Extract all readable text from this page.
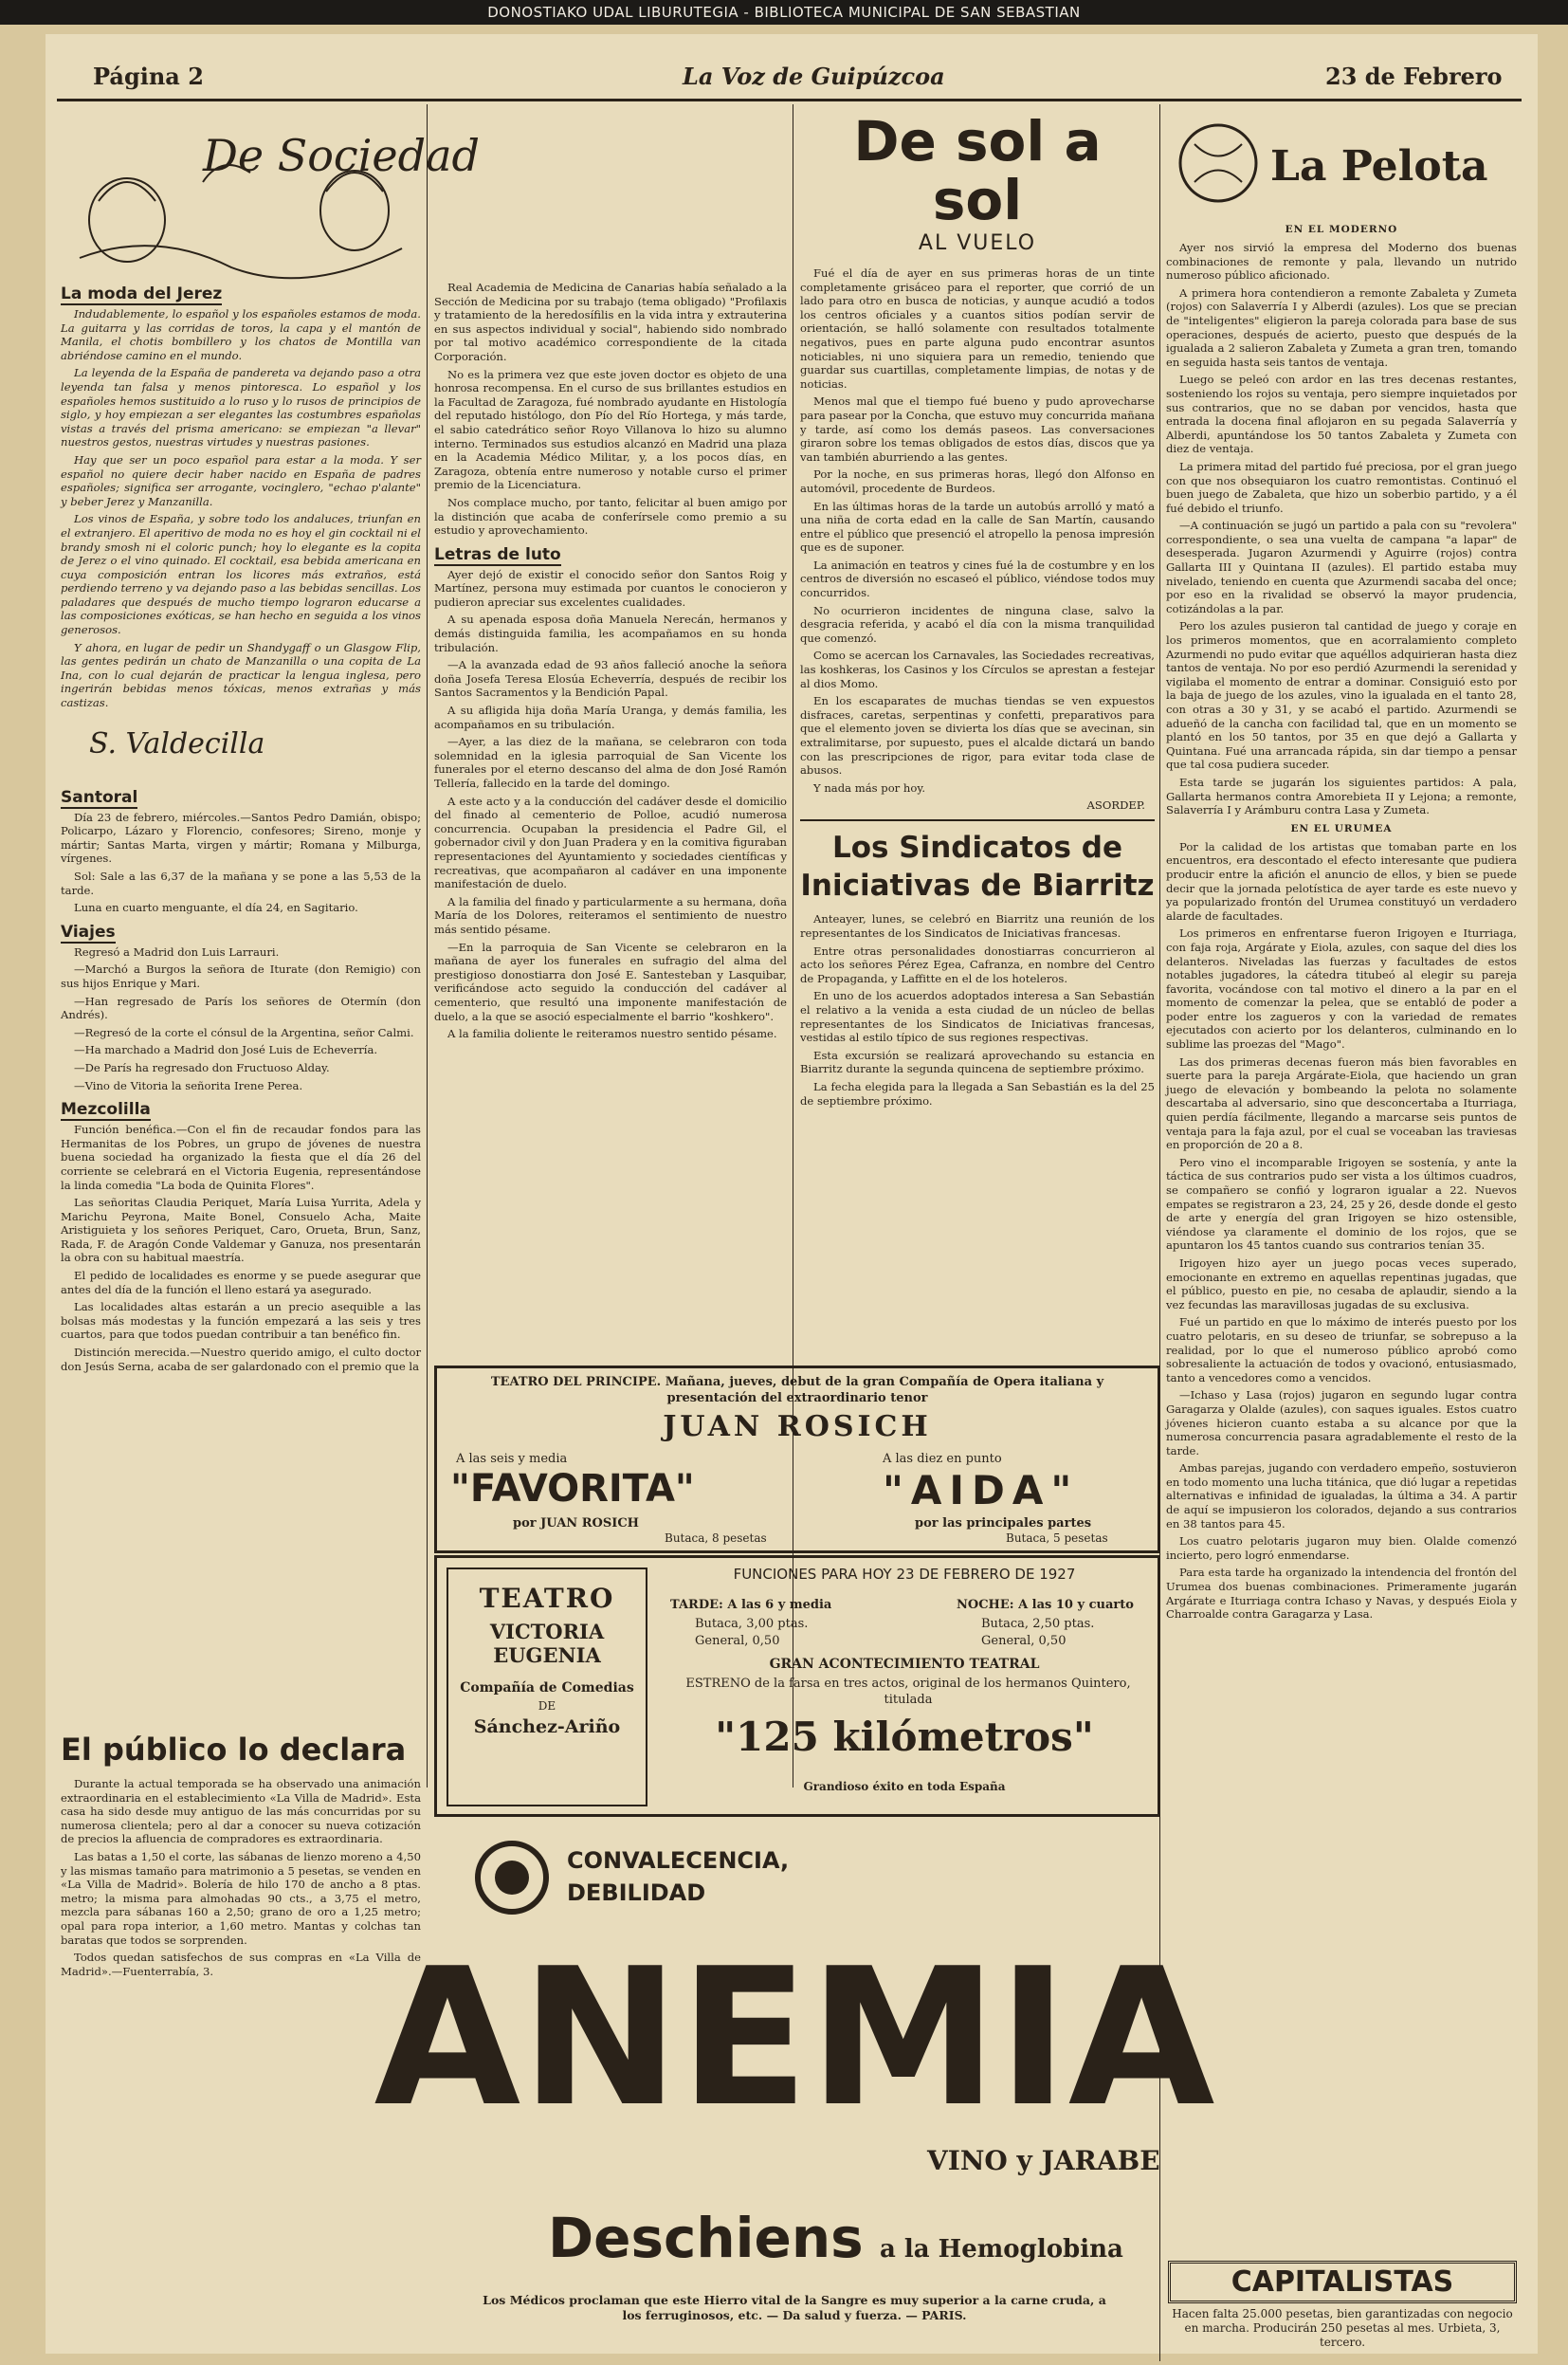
DONOSTIAKO UDAL LIBURUTEGIA - BIBLIOTECA MUNICIPAL DE SAN SEBASTIAN
Página 2	La Voz de Guipúzcoa	23 de Febrero
De Sociedad
La moda del Jerez

Indudablemente, lo español y los españoles estamos de moda. La guitarra y las corridas de toros, la capa y el mantón de Manila, el chotis bombillero y los chatos de Montilla van abriéndose camino en el mundo.

La leyenda de la España de pandereta va dejando paso a otra leyenda tan falsa y menos pintoresca. Lo español y los españoles hemos sustituido a lo ruso y lo rusos de principios de siglo, y hoy empiezan a ser elegantes las costumbres españolas vistas a través del prisma americano: se empiezan "a llevar" nuestros gestos, nuestras virtudes y nuestras pasiones.

Hay que ser un poco español para estar a la moda. Y ser español no quiere decir haber nacido en España de padres españoles; significa ser arrogante, vocinglero, "echao p'alante" y beber Jerez y Manzanilla.

Los vinos de España, y sobre todo los andaluces, triunfan en el extranjero. El aperitivo de moda no es hoy el gin cocktail ni el brandy smosh ni el coloric punch; hoy lo elegante es la copita de Jerez o el vino quinado. El cocktail, esa bebida americana en cuya composición entran los licores más extraños, está perdiendo terreno y va dejando paso a las bebidas sencillas. Los paladares que después de mucho tiempo lograron educarse a las composiciones exóticas, se han hecho en seguida a los vinos generosos.

Y ahora, en lugar de pedir un Shandygaff o un Glasgow Flip, las gentes pedirán un chato de Manzanilla o una copita de La Ina, con lo cual dejarán de practicar la lengua inglesa, pero ingerirán bebidas menos tóxicas, menos extrañas y más castizas.

S. Valdecilla
Santoral

Día 23 de febrero, miércoles.—Santos Pedro Damián, obispo; Policarpo, Lázaro y Florencio, confesores; Sireno, monje y mártir; Santas Marta, virgen y mártir; Romana y Milburga, vírgenes.

Sol: Sale a las 6,37 de la mañana y se pone a las 5,53 de la tarde.

Luna en cuarto menguante, el día 24, en Sagitario.

Viajes

Regresó a Madrid don Luis Larrauri.

—Marchó a Burgos la señora de Iturate (don Remigio) con sus hijos Enrique y Mari.

—Han regresado de París los señores de Otermín (don Andrés).

—Regresó de la corte el cónsul de la Argentina, señor Calmi.

—Ha marchado a Madrid don José Luis de Echeverría.

—De París ha regresado don Fructuoso Alday.

—Vino de Vitoria la señorita Irene Perea.

Mezcolilla

Función benéfica.—Con el fin de recaudar fondos para las Hermanitas de los Pobres, un grupo de jóvenes de nuestra buena sociedad ha organizado la fiesta que el día 26 del corriente se celebrará en el Victoria Eugenia, representándose la linda comedia "La boda de Quinita Flores".

Las señoritas Claudia Periquet, María Luisa Yurrita, Adela y Marichu Peyrona, Maite Bonel, Consuelo Acha, Maite Aristiguieta y los señores Periquet, Caro, Orueta, Brun, Sanz, Rada, F. de Aragón Conde Valdemar y Ganuza, nos presentarán la obra con su habitual maestría.

El pedido de localidades es enorme y se puede asegurar que antes del día de la función el lleno estará ya asegurado.

Las localidades altas estarán a un precio asequible a las bolsas más modestas y la función empezará a las seis y tres cuartos, para que todos puedan contribuir a tan benéfico fin.

Distinción merecida.—Nuestro querido amigo, el culto doctor don Jesús Serna, acaba de ser galardonado con el premio que la

El público lo declara

Durante la actual temporada se ha observado una animación extraordinaria en el establecimiento «La Villa de Madrid». Esta casa ha sido desde muy antiguo de las más concurridas por su numerosa clientela; pero al dar a conocer su nueva cotización de precios la afluencia de compradores es extraordinaria.

Las batas a 1,50 el corte, las sábanas de lienzo moreno a 4,50 y las mismas tamaño para matrimonio a 5 pesetas, se venden en «La Villa de Madrid». Bolería de hilo 170 de ancho a 8 ptas. metro; la misma para almohadas 90 cts., a 3,75 el metro, mezcla para sábanas 160 a 2,50; grano de oro a 1,25 metro; opal para ropa interior, a 1,60 metro. Mantas y colchas tan baratas que todos se sorprenden.

Todos quedan satisfechos de sus compras en «La Villa de Madrid».—Fuenterrabía, 3.

Real Academia de Medicina de Canarias había señalado a la Sección de Medicina por su trabajo (tema obligado) "Profilaxis y tratamiento de la heredosífilis en la vida intra y extrauterina en sus aspectos individual y social", habiendo sido nombrado por tal motivo académico correspondiente de la citada Corporación.

No es la primera vez que este joven doctor es objeto de una honrosa recompensa. En el curso de sus brillantes estudios en la Facultad de Zaragoza, fué nombrado ayudante en Histología del reputado histólogo, don Pío del Río Hortega, y más tarde, el sabio catedrático señor Royo Villanova lo hizo su alumno interno. Terminados sus estudios alcanzó en Madrid una plaza en la Academia Médico Militar, y, a los pocos días, en Zaragoza, obtenía entre numeroso y notable curso el primer premio de la Licenciatura.

Nos complace mucho, por tanto, felicitar al buen amigo por la distinción que acaba de conferírsele como premio a su estudio y aprovechamiento.

Letras de luto

Ayer dejó de existir el conocido señor don Santos Roig y Martínez, persona muy estimada por cuantos le conocieron y pudieron apreciar sus excelentes cualidades.

A su apenada esposa doña Manuela Nerecán, hermanos y demás distinguida familia, les acompañamos en su honda tribulación.

—A la avanzada edad de 93 años falleció anoche la señora doña Josefa Teresa Elosúa Echeverría, después de recibir los Santos Sacramentos y la Bendición Papal.

A su afligida hija doña María Uranga, y demás familia, les acompañamos en su tribulación.

—Ayer, a las diez de la mañana, se celebraron con toda solemnidad en la iglesia parroquial de San Vicente los funerales por el eterno descanso del alma de don José Ramón Tellería, fallecido en la tarde del domingo.

A este acto y a la conducción del cadáver desde el domicilio del finado al cementerio de Polloe, acudió numerosa concurrencia. Ocupaban la presidencia el Padre Gil, el gobernador civil y don Juan Pradera y en la comitiva figuraban representaciones del Ayuntamiento y sociedades científicas y recreativas, que acompañaron al cadáver en una imponente manifestación de duelo.

A la familia del finado y particularmente a su hermana, doña María de los Dolores, reiteramos el sentimiento de nuestro más sentido pésame.

—En la parroquia de San Vicente se celebraron en la mañana de ayer los funerales en sufragio del alma del prestigioso donostiarra don José E. Santesteban y Lasquibar, verificándose acto seguido la conducción del cadáver al cementerio, que resultó una imponente manifestación de duelo, a la que se asoció especialmente el barrio "koshkero".

A la familia doliente le reiteramos nuestro sentido pésame.

De sol a sol
AL VUELO

Fué el día de ayer en sus primeras horas de un tinte completamente grisáceo para el reporter, que corrió de un lado para otro en busca de noticias, y aunque acudió a todos los centros oficiales y a cuantos sitios podían servir de orientación, se halló solamente con resultados totalmente negativos, pues en parte alguna pudo encontrar asuntos noticiables, ni uno siquiera para un remedio, teniendo que guardar sus cuartillas, completamente limpias, de notas y de noticias.

Menos mal que el tiempo fué bueno y pudo aprovecharse para pasear por la Concha, que estuvo muy concurrida mañana y tarde, así como los demás paseos. Las conversaciones giraron sobre los temas obligados de estos días, discos que ya van también aburriendo a las gentes.

Por la noche, en sus primeras horas, llegó don Alfonso en automóvil, procedente de Burdeos.

En las últimas horas de la tarde un autobús arrolló y mató a una niña de corta edad en la calle de San Martín, causando entre el público que presenció el atropello la penosa impresión que es de suponer.

La animación en teatros y cines fué la de costumbre y en los centros de diversión no escaseó el público, viéndose todos muy concurridos.

No ocurrieron incidentes de ninguna clase, salvo la desgracia referida, y acabó el día con la misma tranquilidad que comenzó.

Como se acercan los Carnavales, las Sociedades recreativas, las koshkeras, los Casinos y los Círculos se aprestan a festejar al dios Momo.

En los escaparates de muchas tiendas se ven expuestos disfraces, caretas, serpentinas y confetti, preparativos para que el elemento joven se divierta los días que se avecinan, sin extralimitarse, por supuesto, pues el alcalde dictará un bando con las prescripciones de rigor, para evitar toda clase de abusos.

Y nada más por hoy.

ASORDEP.
Los Sindicatos de Iniciativas de Biarritz

Anteayer, lunes, se celebró en Biarritz una reunión de los representantes de los Sindicatos de Iniciativas francesas.

Entre otras personalidades donostiarras concurrieron al acto los señores Pérez Egea, Cafranza, en nombre del Centro de Propaganda, y Laffitte en el de los hoteleros.

En uno de los acuerdos adoptados interesa a San Sebastián el relativo a la venida a esta ciudad de un núcleo de bellas representantes de los Sindicatos de Iniciativas francesas, vestidas al estilo típico de sus regiones respectivas.

Esta excursión se realizará aprovechando su estancia en Biarritz durante la segunda quincena de septiembre próximo.

La fecha elegida para la llegada a San Sebastián es la del 25 de septiembre próximo.

La Pelota
EN EL MODERNO

Ayer nos sirvió la empresa del Moderno dos buenas combinaciones de remonte y pala, llevando un nutrido numeroso público aficionado.

A primera hora contendieron a remonte Zabaleta y Zumeta (rojos) con Salaverría I y Alberdi (azules). Los que se precian de "inteligentes" eligieron la pareja colorada para base de sus operaciones, después de acierto, puesto que después de la igualada a 2 salieron Zabaleta y Zumeta a gran tren, tomando en seguida hasta seis tantos de ventaja.

Luego se peleó con ardor en las tres decenas restantes, sosteniendo los rojos su ventaja, pero siempre inquietados por sus contrarios, que no se daban por vencidos, hasta que entrada la docena final aflojaron en su pegada Salaverría y Alberdi, apuntándose los 50 tantos Zabaleta y Zumeta con diez de ventaja.

La primera mitad del partido fué preciosa, por el gran juego con que nos obsequiaron los cuatro remontistas. Continuó el buen juego de Zabaleta, que hizo un soberbio partido, y a él fué debido el triunfo.

—A continuación se jugó un partido a pala con su "revolera" correspondiente, o sea una vuelta de campana "a lapar" de desesperada. Jugaron Azurmendi y Aguirre (rojos) contra Gallarta III y Quintana II (azules). El partido estaba muy nivelado, teniendo en cuenta que Azurmendi sacaba del once; por eso en la rivalidad se observó la mayor prudencia, cotizándolas a la par.

Pero los azules pusieron tal cantidad de juego y coraje en los primeros momentos, que en acorralamiento completo Azurmendi no pudo evitar que aquéllos adquirieran hasta diez tantos de ventaja. No por eso perdió Azurmendi la serenidad y vigilaba el momento de entrar a dominar. Consiguió esto por la baja de juego de los azules, vino la igualada en el tanto 28, con otras a 30 y 31, y se acabó el partido. Azurmendi se adueñó de la cancha con facilidad tal, que en un momento se plantó en los 50 tantos, por 35 en que dejó a Gallarta y Quintana. Fué una arrancada rápida, sin dar tiempo a pensar que tal cosa pudiera suceder.

Esta tarde se jugarán los siguientes partidos: A pala, Gallarta hermanos contra Amorebieta II y Lejona; a remonte, Salaverría I y Arámburu contra Lasa y Zumeta.

EN EL URUMEA

Por la calidad de los artistas que tomaban parte en los encuentros, era descontado el efecto interesante que pudiera producir entre la afición el anuncio de ellos, y bien se puede decir que la jornada pelotística de ayer tarde es este nuevo y ya popularizado frontón del Urumea constituyó un verdadero alarde de facultades.

Los primeros en enfrentarse fueron Irigoyen e Iturriaga, con faja roja, Argárate y Eiola, azules, con saque del dies los delanteros. Niveladas las fuerzas y facultades de estos notables jugadores, la cátedra titubeó al elegir su pareja favorita, vocándose con tal motivo el dinero a la par en el momento de comenzar la pelea, que se entabló de poder a poder entre los zagueros y con la variedad de remates ejecutados con acierto por los delanteros, culminando en lo sublime las proezas del "Mago".

Las dos primeras decenas fueron más bien favorables en suerte para la pareja Argárate-Eiola, que haciendo un gran juego de elevación y bombeando la pelota no solamente descartaba al adversario, sino que desconcertaba a Iturriaga, quien perdía fácilmente, llegando a marcarse seis puntos de ventaja para la faja azul, por el cual se voceaban las traviesas en proporción de 20 a 8.

Pero vino el incomparable Irigoyen se sostenía, y ante la táctica de sus contrarios pudo ser vista a los últimos cuadros, se compañero se confió y lograron igualar a 22. Nuevos empates se registraron a 23, 24, 25 y 26, desde donde el gesto de arte y energía del gran Irigoyen se hizo ostensible, viéndose ya claramente el dominio de los rojos, que se apuntaron los 45 tantos cuando sus contrarios tenían 35.

Irigoyen hizo ayer un juego pocas veces superado, emocionante en extremo en aquellas repentinas jugadas, que el público, puesto en pie, no cesaba de aplaudir, siendo a la vez fecundas las maravillosas jugadas de su exclusiva.

Fué un partido en que lo máximo de interés puesto por los cuatro pelotaris, en su deseo de triunfar, se sobrepuso a la realidad, por lo que el numeroso público aprobó como sobresaliente la actuación de todos y ovacionó, entusiasmado, tanto a vencedores como a vencidos.

—Ichaso y Lasa (rojos) jugaron en segundo lugar contra Garagarza y Olalde (azules), con saques iguales. Estos cuatro jóvenes hicieron cuanto estaba a su alcance por que la numerosa concurrencia pasara agradablemente el resto de la tarde.

Ambas parejas, jugando con verdadero empeño, sostuvieron en todo momento una lucha titánica, que dió lugar a repetidas alternativas e infinidad de igualadas, la última a 34. A partir de aquí se impusieron los colorados, dejando a sus contrarios en 38 tantos para 45.

Los cuatro pelotaris jugaron muy bien. Olalde comenzó incierto, pero logró enmendarse.

Para esta tarde ha organizado la intendencia del frontón del Urumea dos buenas combinaciones. Primeramente jugarán Argárate e Iturriaga contra Ichaso y Navas, y después Eiola y Charroalde contra Garagarza y Lasa.

CAPITALISTAS

Hacen falta 25.000 pesetas, bien garantizadas con negocio en marcha. Producirán 250 pesetas al mes. Urbieta, 3, tercero.

TEATRO DEL PRINCIPE. Mañana, jueves, debut de la gran Compañía de Opera italiana y presentación del extraordinario tenor
JUAN ROSICH
A las seis y media
"FAVORITA"
por JUAN ROSICH
Butaca, 8 pesetas
A las diez en punto
"AIDA"
por las principales partes
Butaca, 5 pesetas
TEATRO
VICTORIA EUGENIA
Compañía de Comedias
DE
Sánchez-Ariño
FUNCIONES PARA HOY 23 DE FEBRERO DE 1927
TARDE: A las 6 y media
Butaca, 3,00 ptas.
General, 0,50
NOCHE: A las 10 y cuarto
Butaca, 2,50 ptas.
General, 0,50
GRAN ACONTECIMIENTO TEATRAL
ESTRENO de la farsa en tres actos, original de los hermanos Quintero, titulada
"125 kilómetros"
Grandioso éxito en toda España
CONVALECENCIA,
DEBILIDAD
ANEMIA
VINO y JARABE
Deschiens a la Hemoglobina
Los Médicos proclaman que este Hierro vital de la Sangre es muy superior a la carne cruda, a los ferruginosos, etc. — Da salud y fuerza. — PARIS.
